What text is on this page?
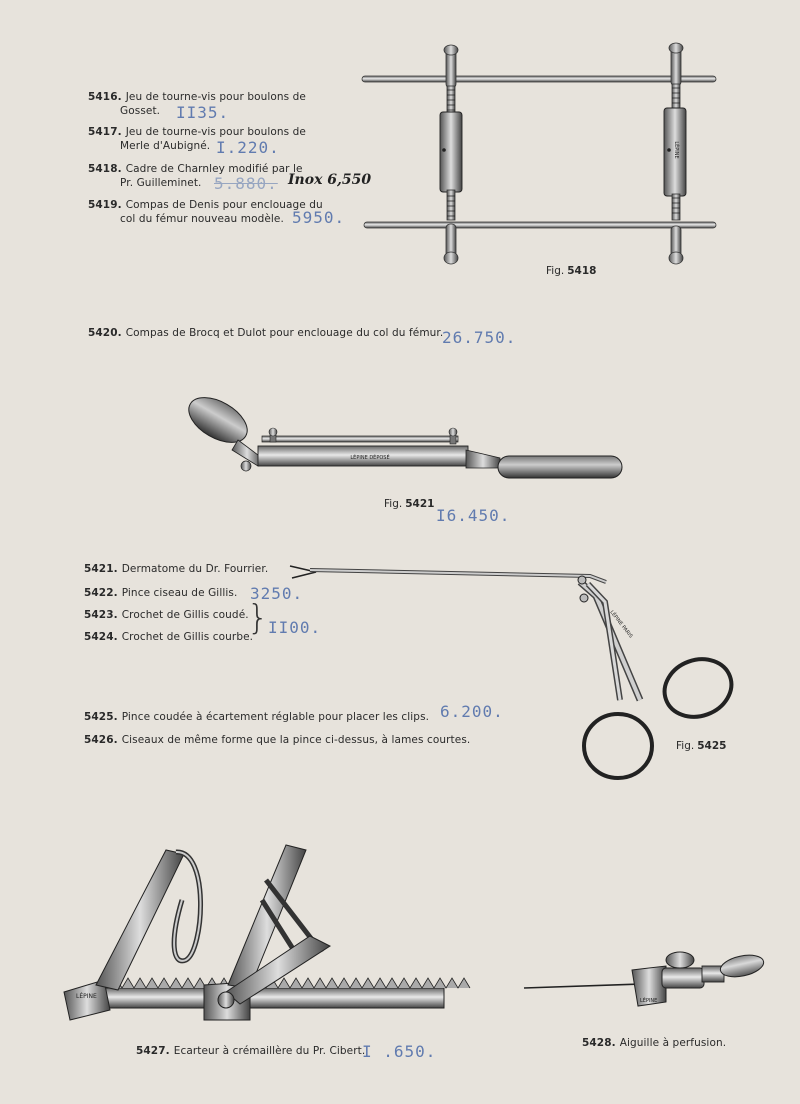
LÉPINE
LÉPINE DÉPOSÉ
LÉPINE PARIS
LÉPINE
LÉPINE
5416. Jeu de tourne-vis pour boulons de
Gosset. II35.
5417. Jeu de tourne-vis pour boulons de
Merle d'Aubigné. I.220.
5418. Cadre de Charnley modifié par le
Pr. Guilleminet. 5.880. Inox 6,550
5419. Compas de Denis pour enclouage du
col du fémur nouveau modèle. 5950.
Fig. 5418
5420. Compas de Brocq et Dulot pour enclouage du col du fémur.
26.750.
Fig. 5421
I6.450.
5421. Dermatome du Dr. Fourrier.
5422. Pince ciseau de Gillis. 3250.
5423. Crochet de Gillis coudé.
5424. Crochet de Gillis courbe.
} II00.
5425. Pince coudée à écartement réglable pour placer les clips. 6.200.
5426. Ciseaux de même forme que la pince ci-dessus, à lames courtes.	Fig. 5425
5427. Ecarteur à crémaillère du Pr. Cibert.
I .650.	5428. Aiguille à perfusion.
